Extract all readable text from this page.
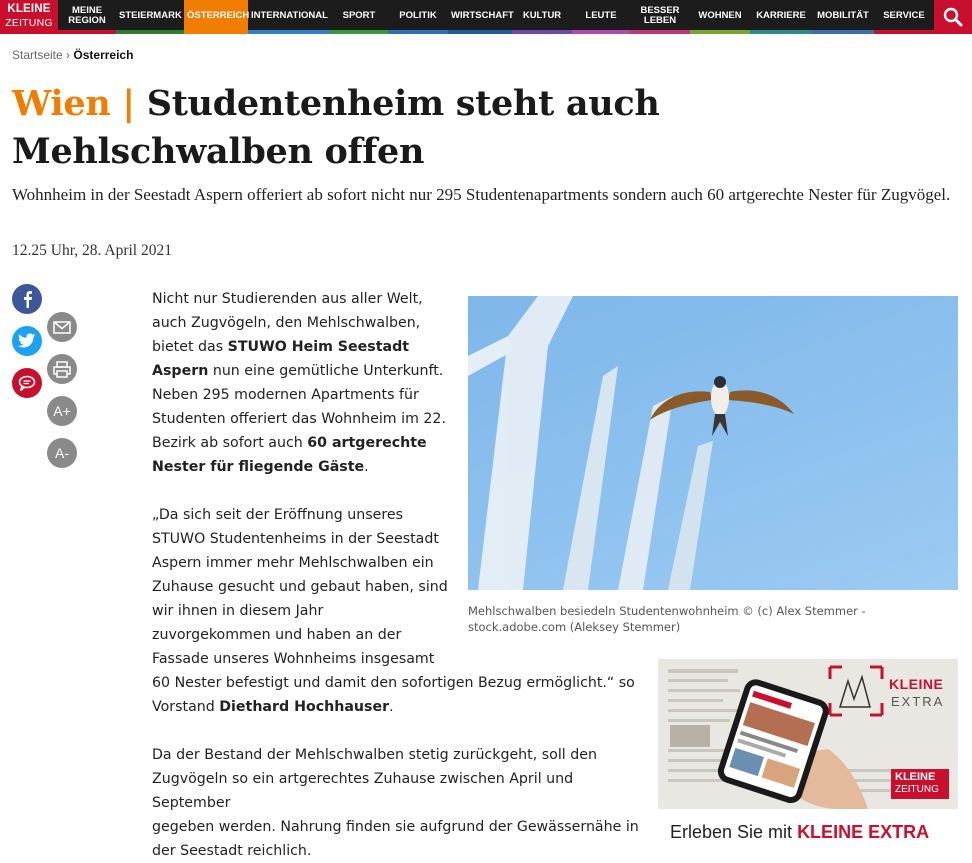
KLEINE
ZEITUNG
MEINE REGION	STEIERMARK ÖSTERREICH INTERNATIONAL SPORT	POLITIK WIRTSCHAFT KULTUR	LEUTE	BESSER LEBEN	WOHNEN KARRIERE MOBILITÄT SERVICE
Startseite › Österreich
Wien | Studentenheim steht auch Mehlschwalben offen
Wohnheim in der Seestadt Aspern offeriert ab sofort nicht nur 295 Studentenapartments sondern auch 60 artgerechte Nester für Zugvögel.
12.25 Uhr, 28. April 2021
A+
A-

Nicht nur Studierenden aus aller Welt, auch Zugvögeln, den Mehlschwalben, bietet das STUWO Heim Seestadt Aspern nun eine gemütliche Unterkunft. Neben 295 modernen Apartments für Studenten offeriert das Wohnheim im 22. Bezirk ab sofort auch 60 artgerechte Nester für fliegende Gäste.

„Da sich seit der Eröffnung unseres
STUWO Studentenheims in der Seestadt
Aspern immer mehr Mehlschwalben ein
Zuhause gesucht und gebaut haben, sind
wir ihnen in diesem Jahr
zuvorgekommen und haben an der
Fassade unseres Wohnheims insgesamt
60 Nester befestigt und damit den sofortigen Bezug ermöglicht.“ so
Vorstand Diethard Hochhauser.

Da der Bestand der Mehlschwalben stetig zurückgeht, soll den
Zugvögeln so ein artgerechtes Zuhause zwischen April und September
gegeben werden. Nahrung finden sie aufgrund der Gewässernähe in
der Seestadt reichlich.

Mehlschwalben besiedeln Studentenwohnheim © (c) Alex Stemmer - stock.adobe.com (Aleksey Stemmer)
KLEINE
EXTRA
KLEINE
ZEITUNG
Erleben Sie mit KLEINE EXTRA
